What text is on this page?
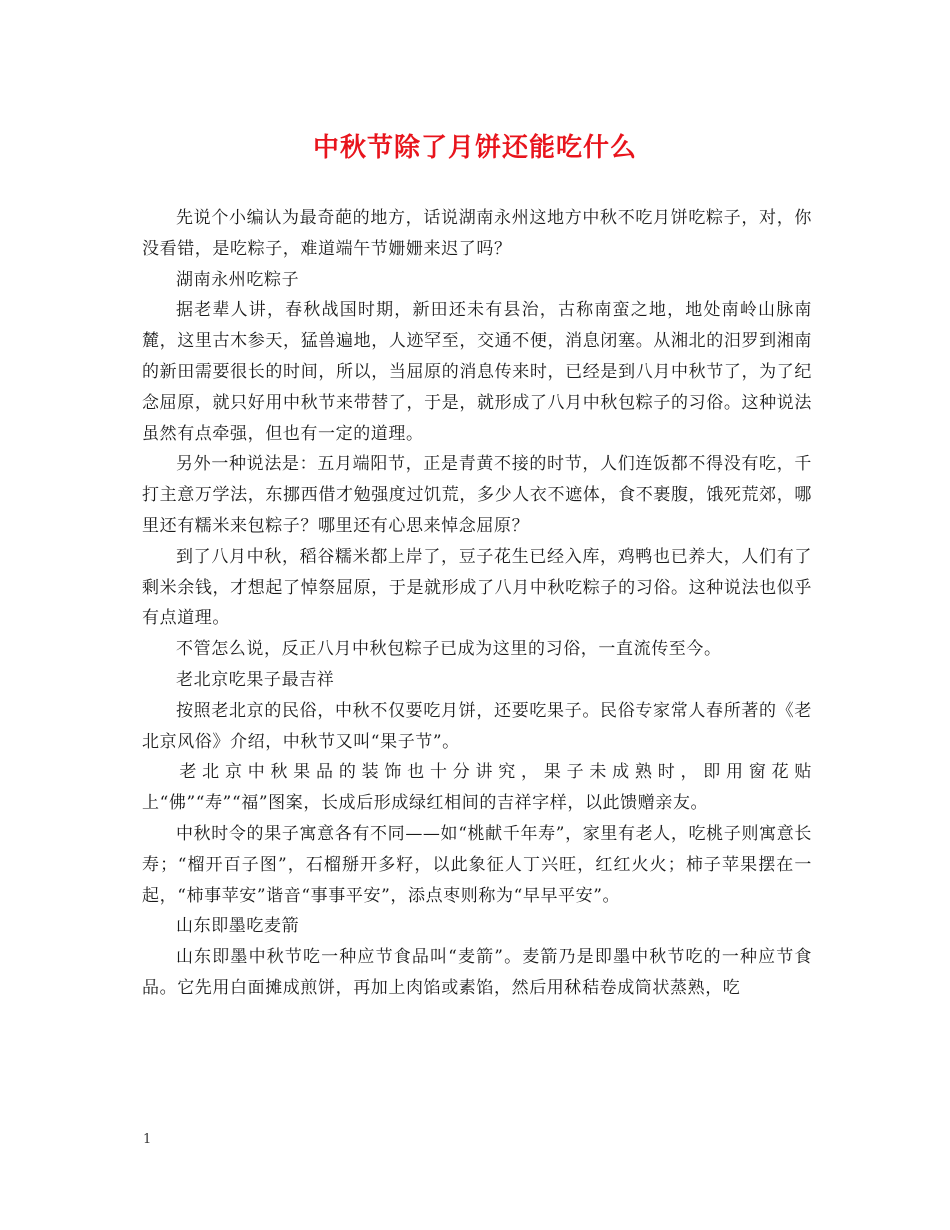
中秋节除了月饼还能吃什么

先说个小编认为最奇葩的地方，话说湖南永州这地方中秋不吃月饼吃粽子，对，你没看错，是吃粽子，难道端午节姗姗来迟了吗？

湖南永州吃粽子

据老辈人讲，春秋战国时期，新田还未有县治，古称南蛮之地，地处南岭山脉南麓，这里古木参天，猛兽遍地，人迹罕至，交通不便，消息闭塞。从湘北的汨罗到湘南的新田需要很长的时间，所以，当屈原的消息传来时，已经是到八月中秋节了，为了纪念屈原，就只好用中秋节来带替了，于是，就形成了八月中秋包粽子的习俗。这种说法虽然有点牵强，但也有一定的道理。

另外一种说法是：五月端阳节，正是青黄不接的时节，人们连饭都不得没有吃，千打主意万学法，东挪西借才勉强度过饥荒，多少人衣不遮体，食不裹腹，饿死荒郊，哪里还有糯米来包粽子？哪里还有心思来悼念屈原？

到了八月中秋，稻谷糯米都上岸了，豆子花生已经入库，鸡鸭也已养大，人们有了剩米余钱，才想起了悼祭屈原，于是就形成了八月中秋吃粽子的习俗。这种说法也似乎有点道理。

不管怎么说，反正八月中秋包粽子已成为这里的习俗，一直流传至今。

老北京吃果子最吉祥

按照老北京的民俗，中秋不仅要吃月饼，还要吃果子。民俗专家常人春所著的《老北京风俗》介绍，中秋节又叫“果子节”。

老北京中秋果品的装饰也十分讲究，果子未成熟时，即用窗花贴上“佛”“寿”“福”图案，长成后形成绿红相间的吉祥字样，以此馈赠亲友。

中秋时令的果子寓意各有不同——如“桃献千年寿”，家里有老人，吃桃子则寓意长寿；“榴开百子图”，石榴掰开多籽，以此象征人丁兴旺，红红火火；柿子苹果摆在一起，“柿事苹安”谐音“事事平安”，添点枣则称为“早早平安”。

山东即墨吃麦箭

山东即墨中秋节吃一种应节食品叫“麦箭”。麦箭乃是即墨中秋节吃的一种应节食品。它先用白面摊成煎饼，再加上肉馅或素馅，然后用秫秸卷成筒状蒸熟，吃

1
